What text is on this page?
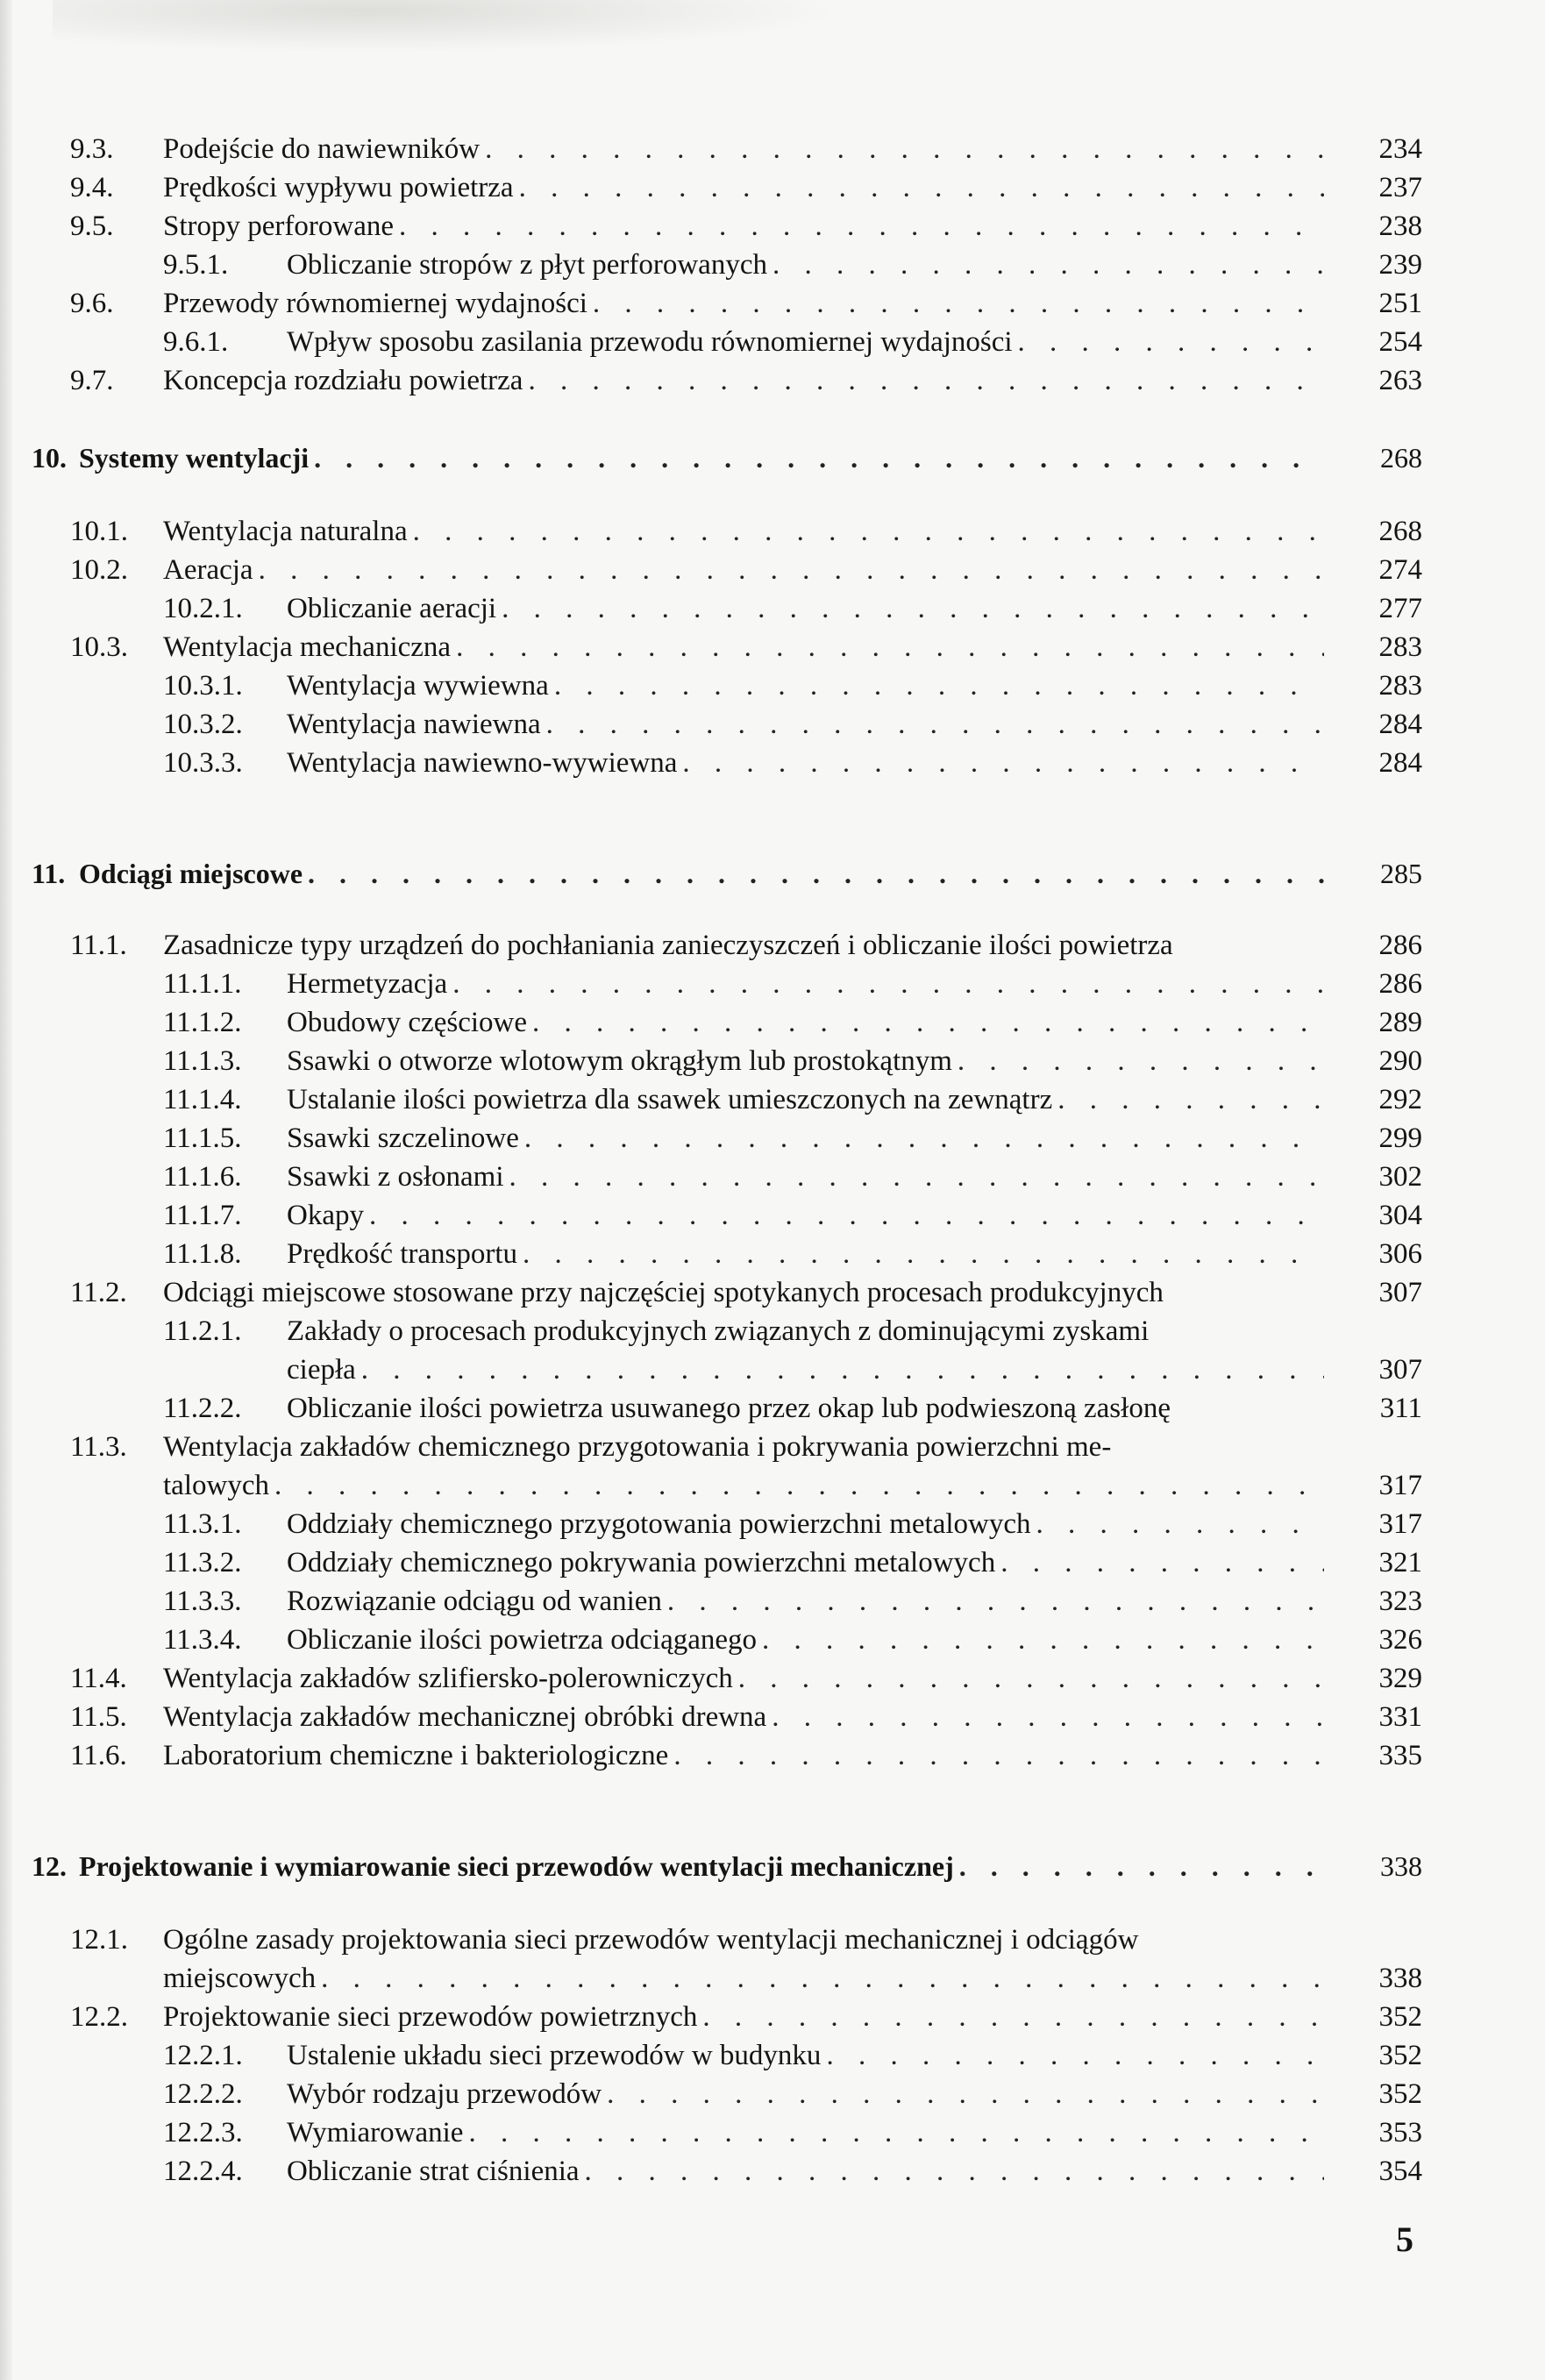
9.3. Podejście do nawiewników . . .	234
9.4. Prędkości wypływu powietrza . . .	237
9.5. Stropy perforowane . . .	238
9.5.1. Obliczanie stropów z płyt perforowanych . . .	239
9.6. Przewody równomiernej wydajności . . .	251
9.6.1. Wpływ sposobu zasilania przewodu równomiernej wydajności . . .	254
9.7. Koncepcja rozdziału powietrza . . .	263
10. Systemy wentylacji . . .	268
10.1. Wentylacja naturalna . . .	268
10.2. Aeracja . . .	274
10.2.1. Obliczanie aeracji . . .	277
10.3. Wentylacja mechaniczna . . .	283
10.3.1. Wentylacja wywiewna . . .	283
10.3.2. Wentylacja nawiewna . . .	284
10.3.3. Wentylacja nawiewno-wywiewna . . .	284
11. Odciągi miejscowe . . .	285
11.1. Zasadnicze typy urządzeń do pochłaniania zanieczyszczeń i obliczanie ilości powietrza	286
11.1.1. Hermetyzacja . . .	286
11.1.2. Obudowy częściowe . . .	289
11.1.3. Ssawki o otworze wlotowym okrągłym lub prostokątnym . . .	290
11.1.4. Ustalanie ilości powietrza dla ssawek umieszczonych na zewnątrz . . .	292
11.1.5. Ssawki szczelinowe . . .	299
11.1.6. Ssawki z osłonami . . .	302
11.1.7. Okapy . . .	304
11.1.8. Prędkość transportu . . .	306
11.2. Odciągi miejscowe stosowane przy najczęściej spotykanych procesach produkcyjnych	307
11.2.1. Zakłady o procesach produkcyjnych związanych z dominującymi zyskami
ciepła . . .	307
11.2.2. Obliczanie ilości powietrza usuwanego przez okap lub podwieszoną zasłonę	311
11.3. Wentylacja zakładów chemicznego przygotowania i pokrywania powierzchni me-
talowych . . .	317
11.3.1. Oddziały chemicznego przygotowania powierzchni metalowych . . .	317
11.3.2. Oddziały chemicznego pokrywania powierzchni metalowych . . .	321
11.3.3. Rozwiązanie odciągu od wanien . . .	323
11.3.4. Obliczanie ilości powietrza odciąganego . . .	326
11.4. Wentylacja zakładów szlifiersko-polerowniczych . . .	329
11.5. Wentylacja zakładów mechanicznej obróbki drewna . . .	331
11.6. Laboratorium chemiczne i bakteriologiczne . . .	335
12. Projektowanie i wymiarowanie sieci przewodów wentylacji mechanicznej . . .	338
12.1. Ogólne zasady projektowania sieci przewodów wentylacji mechanicznej i odciągów
miejscowych . . .	338
12.2. Projektowanie sieci przewodów powietrznych . . .	352
12.2.1. Ustalenie układu sieci przewodów w budynku . . .	352
12.2.2. Wybór rodzaju przewodów . . .	352
12.2.3. Wymiarowanie . . .	353
12.2.4. Obliczanie strat ciśnienia . . .	354
5
